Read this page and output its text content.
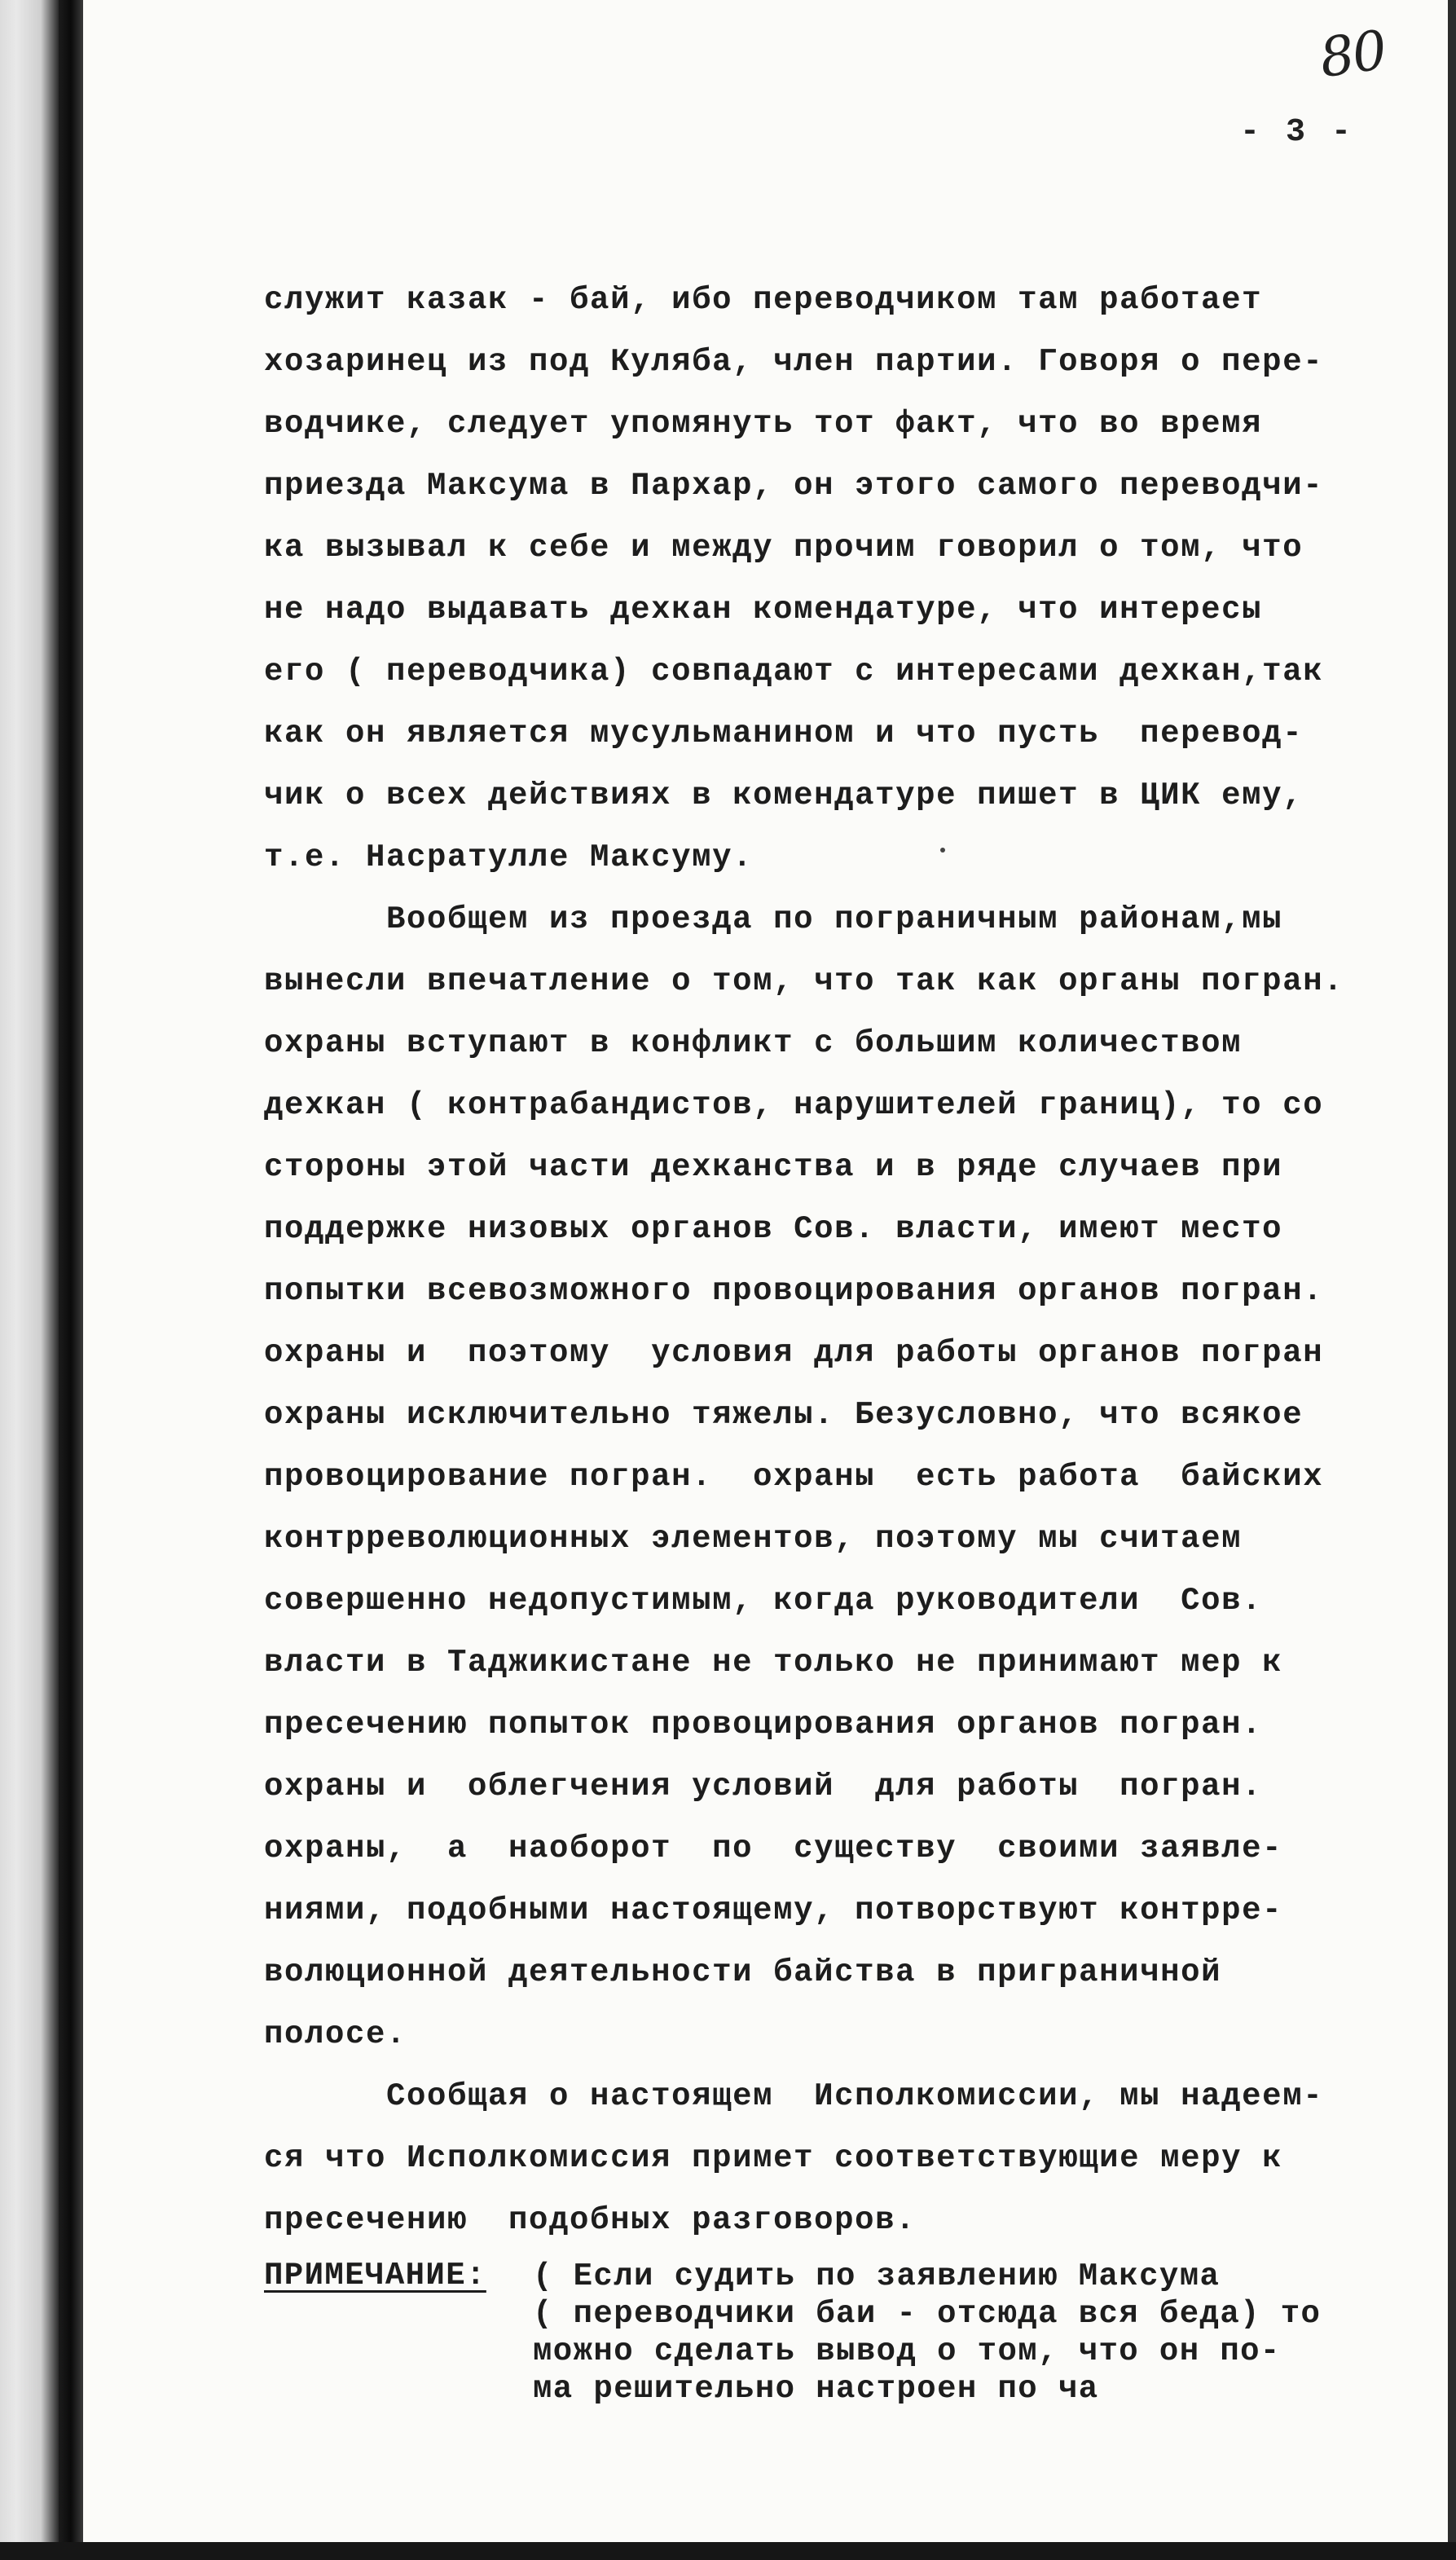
80
- 3 -
служит казак - бай, ибо переводчиком там работает
хозаринец из под Куляба, член партии. Говоря о пере-
водчике, следует упомянуть тот факт, что во время
приезда Максума в Пархар, он этого самого переводчи-
ка вызывал к себе и между прочим говорил о том, что
не надо выдавать дехкан комендатуре, что интересы
его ( переводчика) совпадают с интересами дехкан,так
как он является мусульманином и что пусть  перевод-
чик о всех действиях в комендатуре пишет в ЦИК ему,
т.е. Насратулле Максуму.
Вообщем из проезда по пограничным районам,мы
вынесли впечатление о том, что так как органы погран.
охраны вступают в конфликт с большим количеством
дехкан ( контрабандистов, нарушителей границ), то со
стороны этой части дехканства и в ряде случаев при
поддержке низовых органов Сов. власти, имеют место
попытки всевозможного провоцирования органов погран.
охраны и  поэтому  условия для работы органов погран
охраны исключительно тяжелы. Безусловно, что всякое
провоцирование погран.  охраны  есть работа  байских
контрреволюционных элементов, поэтому мы считаем
совершенно недопустимым, когда руководители  Сов.
власти в Таджикистане не только не принимают мер к
пресечению попыток провоцирования органов погран.
охраны и  облегчения условий  для работы  погран.
охраны,  а  наоборот  по  существу  своими заявле-
ниями, подобными настоящему, потворствуют контрре-
волюционной деятельности байства в приграничной
полосе.
Сообщая о настоящем  Исполкомиссии, мы надеем-
ся что Исполкомиссия примет соответствующие меру к
пресечению  подобных разговоров.
ПРИМЕЧАНИЕ: ( Если судить по заявлению Максума
( переводчики баи - отсюда вся беда) то
можно сделать вывод о том, что он по-
ма решительно настроен по ча
